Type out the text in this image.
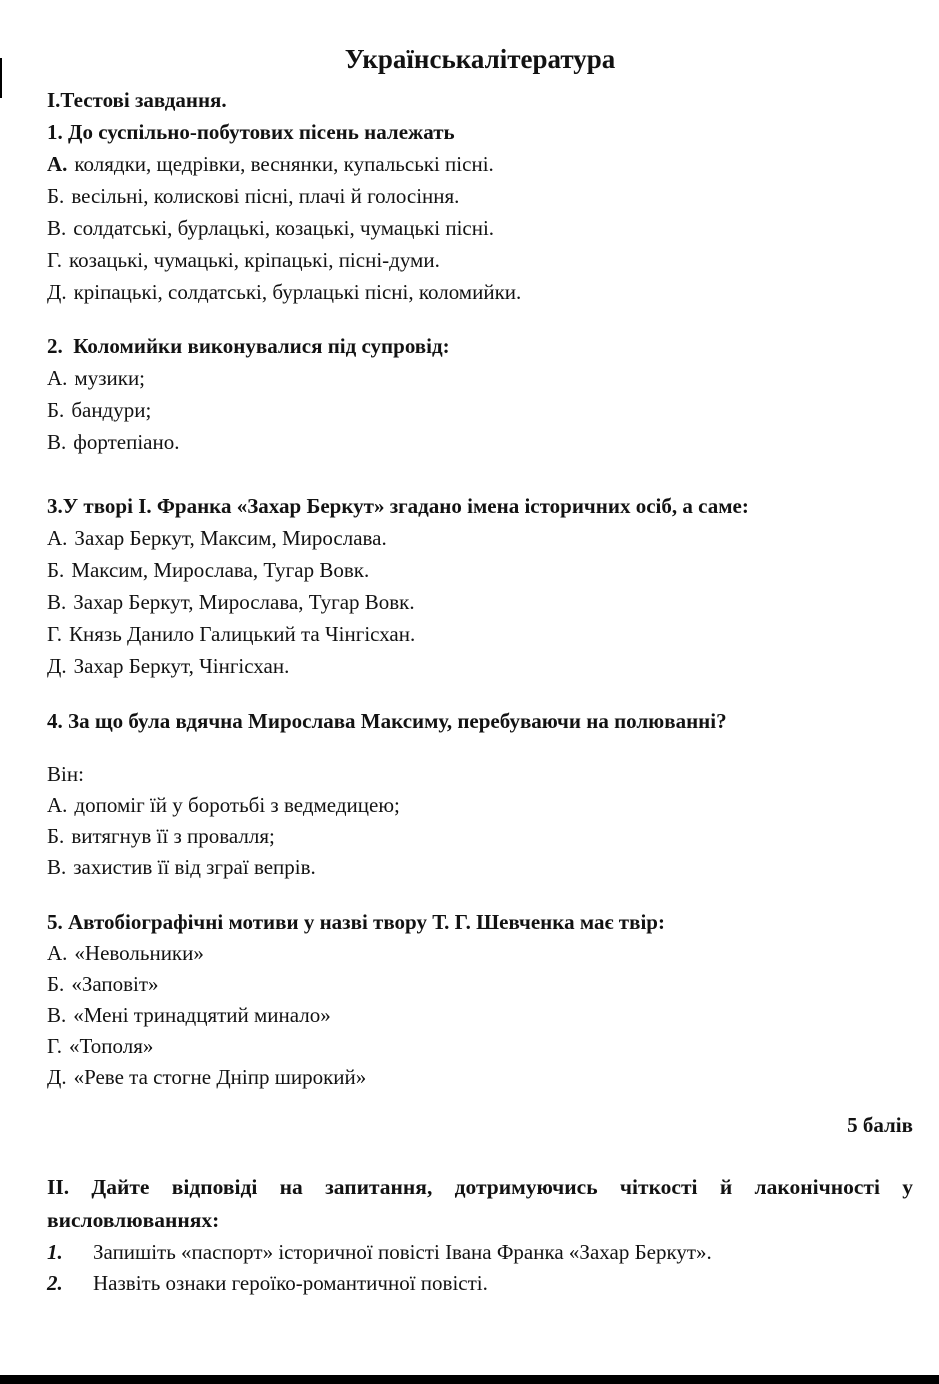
Українськалітература
І.Тестові завдання.
1. До суспільно-побутових пісень належать
А. колядки, щедрівки, веснянки, купальські пісні.
Б. весільні, колискові пісні, плачі й голосіння.
В. солдатські, бурлацькі, козацькі, чумацькі пісні.
Г. козацькі, чумацькі, кріпацькі, пісні-думи.
Д. кріпацькі, солдатські, бурлацькі пісні, коломийки.
2.  Коломийки виконувалися під супровід:
А. музики;
Б. бандури;
В. фортепіано.
3.У творі І. Франка «Захар Беркут» згадано імена історичних осіб, а саме:
А. Захар Беркут, Максим, Мирослава.
Б. Максим, Мирослава, Тугар Вовк.
В. Захар Беркут, Мирослава, Тугар Вовк.
Г. Князь Данило Галицький та Чінгісхан.
Д. Захар Беркут, Чінгісхан.
4. За що була вдячна Мирослава Максиму, перебуваючи на полюванні?
Він:
А. допоміг їй у боротьбі з ведмедицею;
Б. витягнув її з провалля;
В. захистив її від зграї вепрів.
5. Автобіографічні мотиви у назві твору Т. Г. Шевченка має твір:
А. «Невольники»
Б. «Заповіт»
В. «Мені тринадцятий минало»
Г. «Тополя»
Д. «Реве та стогне Дніпр широкий»
5 балів
ІІ. Дайте відповіді на запитання, дотримуючись чіткості й лаконічності у
висловлюваннях:
1.	Запишіть «паспорт» історичної повісті Івана Франка «Захар Беркут».
2.	Назвіть ознаки героїко-романтичної повісті.
